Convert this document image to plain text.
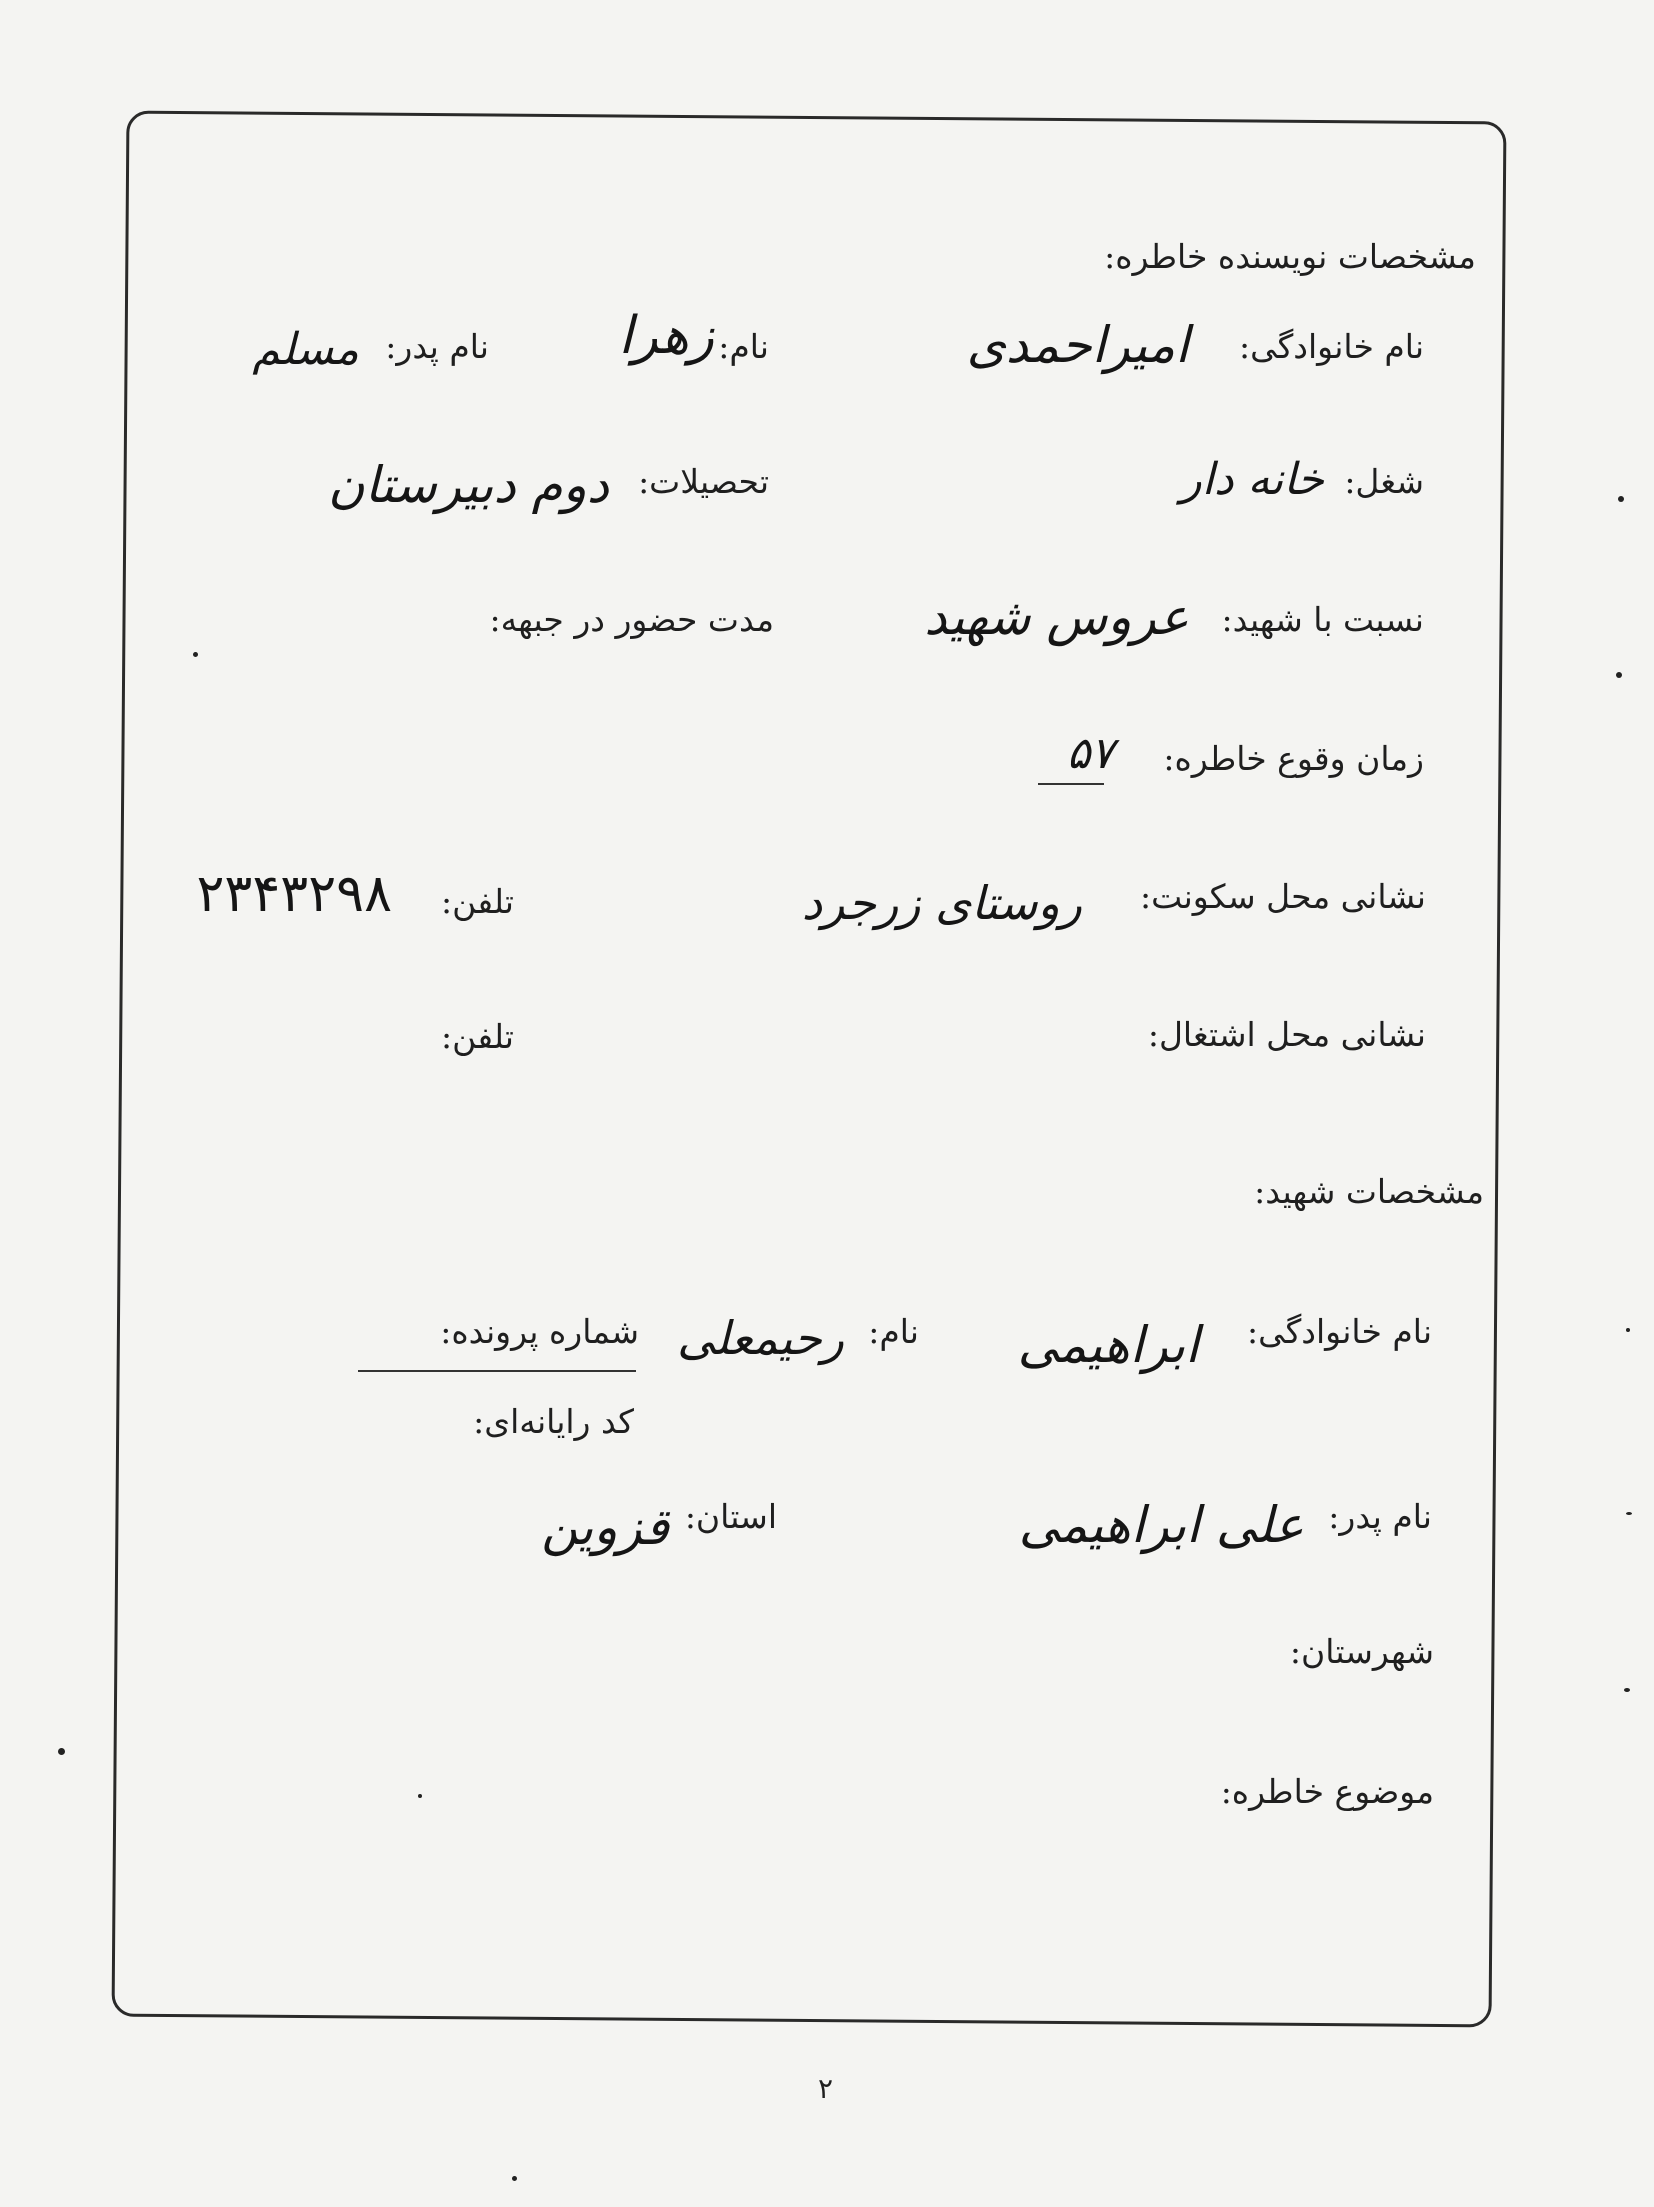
مشخصات نویسنده خاطره:
نام خانوادگی:
امیراحمدی
نام:
زهرا
نام پدر:
مسلم
شغل:
خانه دار
تحصیلات:
دوم دبیرستان
نسبت با شهید:
عروس شهید
مدت حضور در جبهه:
زمان وقوع خاطره:
۵۷
نشانی محل سکونت:
روستای زرجرد
تلفن:
۲۳۴۳۲۹۸
نشانی محل اشتغال:
تلفن:
مشخصات شهید:
نام خانوادگی:
ابراهیمی
نام:
رحیمعلی
شماره پرونده:
کد رایانه‌ای:
نام پدر:
علی ابراهیمی
استان:
قزوین
شهرستان:
موضوع خاطره:
۲
